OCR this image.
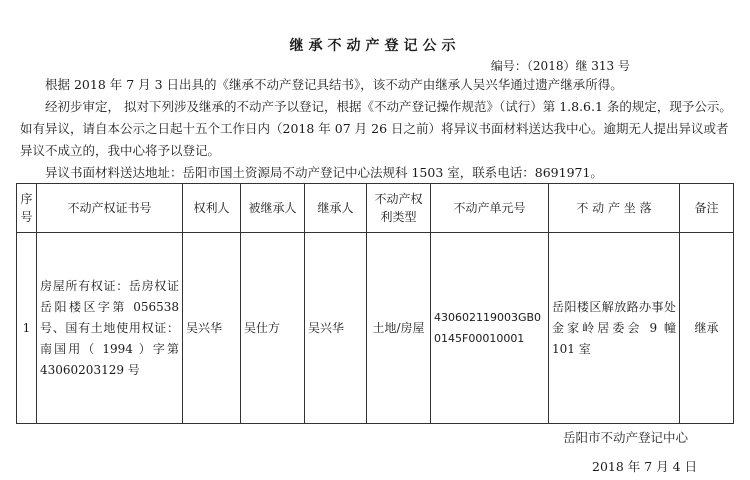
继承不动产登记公示
编号：（2018）继 313 号
根据 2018 年 7 月 3 日出具的《继承不动产登记具结书》，该不动产由继承人吴兴华通过遗产继承所得。
经初步审定， 拟对下列涉及继承的不动产予以登记，根据《不动产登记操作规范》（试行）第 1.8.6.1 条的规定，现予公示。如有异议，请自本公示之日起十五个工作日内（2018 年 07 月 26 日之前）将异议书面材料送达我中心。逾期无人提出异议或者异议不成立的，我中心将予以登记。
异议书面材料送达地址：岳阳市国土资源局不动产登记中心法规科 1503 室，联系电话：8691971。
序号	不动产权证书号	权利人	被继承人	继承人	不动产权利类型	不动产单元号	不 动 产 坐 落	备注
1	房屋所有权证：岳房权证岳阳楼区字第 056538 号、国有土地使用权证：南国用（ 1994 ）字第 43060203129 号	吴兴华	吴仕方	吴兴华	土地/房屋	430602119003GB00145F00010001	岳阳楼区解放路办事处金家岭居委会 9 幢 101 室	继承
岳阳市不动产登记中心
2018 年 7 月 4 日
